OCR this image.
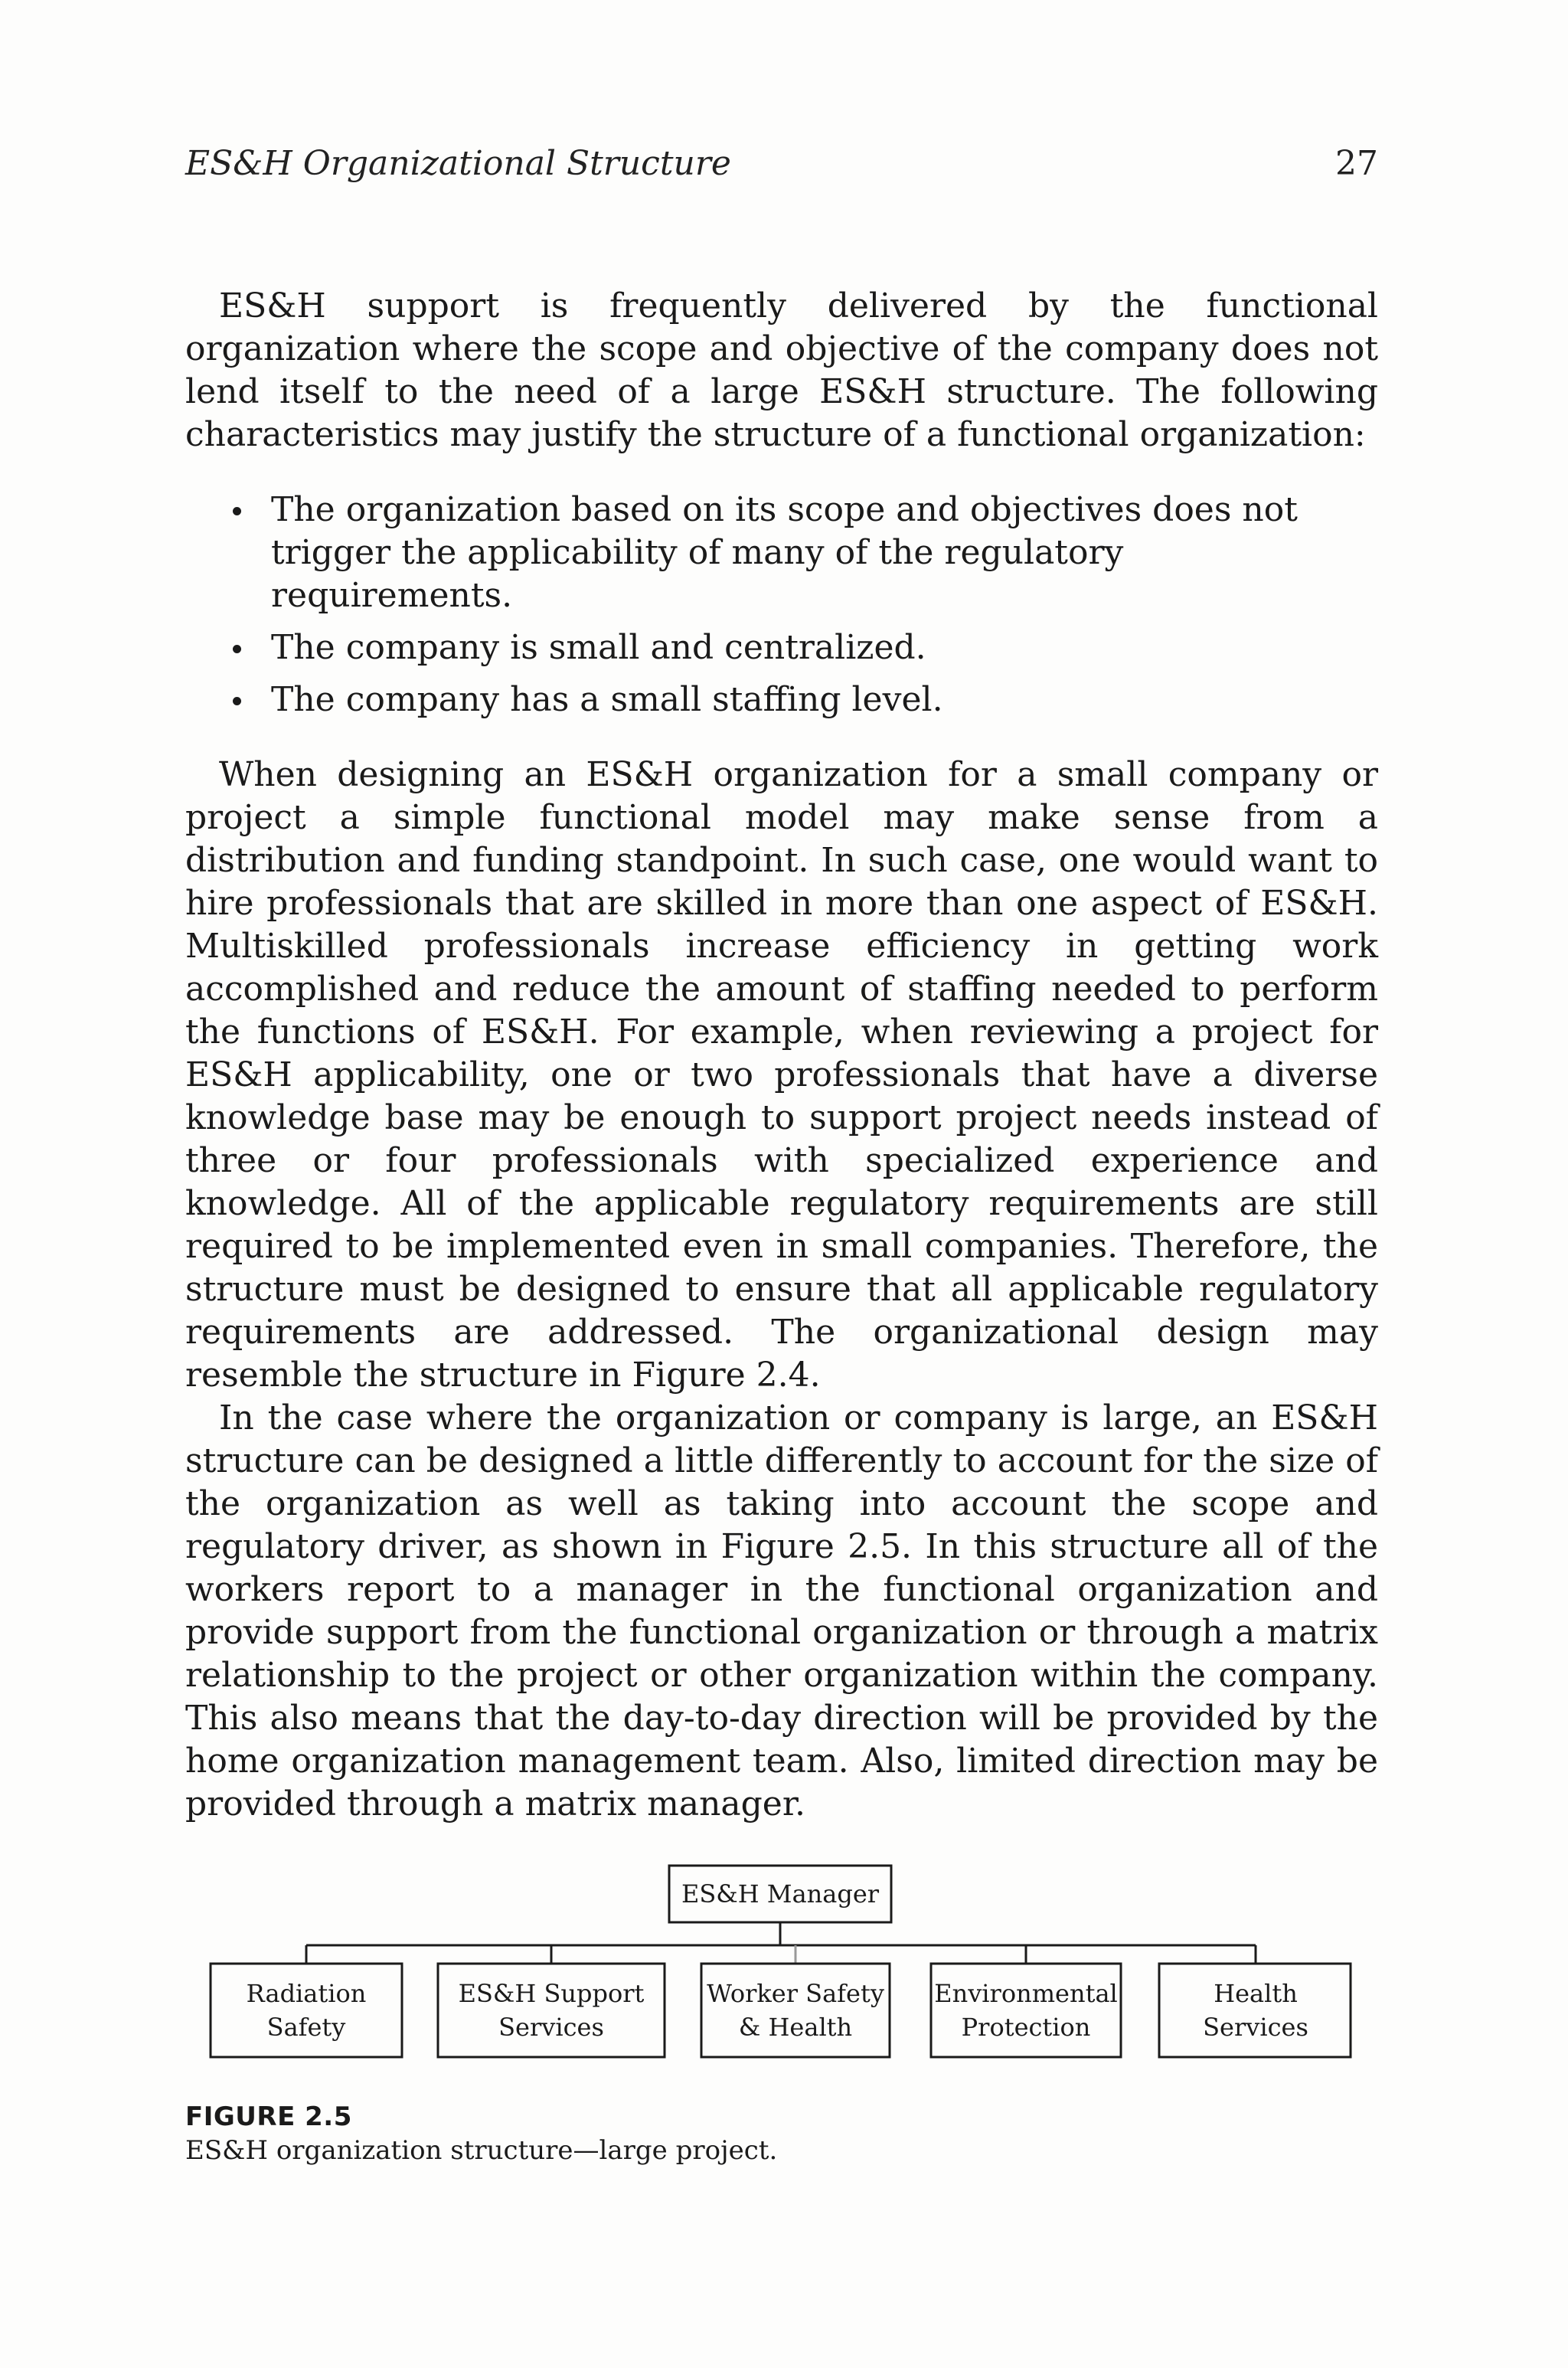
ES&H Organizational Structure	27

ES&H support is frequently delivered by the functional organization where the scope and objective of the company does not lend itself to the need of a large ES&H structure. The following characteristics may justify the structure of a functional organization:

The organization based on its scope and objectives does not trigger the applicability of many of the regulatory requirements.
The company is small and centralized.
The company has a small staffing level.

When designing an ES&H organization for a small company or project a simple functional model may make sense from a distribution and funding standpoint. In such case, one would want to hire professionals that are skilled in more than one aspect of ES&H. Multiskilled professionals increase efficiency in getting work accomplished and reduce the amount of staffing needed to perform the functions of ES&H. For example, when reviewing a project for ES&H applicability, one or two professionals that have a diverse knowledge base may be enough to support project needs instead of three or four professionals with specialized experience and knowledge. All of the applicable regulatory requirements are still required to be implemented even in small companies. Therefore, the structure must be designed to ensure that all applicable regulatory requirements are addressed. The organizational design may resemble the structure in Figure 2.4.

In the case where the organization or company is large, an ES&H structure can be designed a little differently to account for the size of the organization as well as taking into account the scope and regulatory driver, as shown in Figure 2.5. In this structure all of the workers report to a manager in the functional organization and provide support from the functional organization or through a matrix relationship to the project or other organization within the company. This also means that the day-to-day direction will be provided by the home organization management team. Also, limited direction may be provided through a matrix manager.

ES&H Manager
Radiation
Safety
ES&H Support
Services
Worker Safety
& Health
Environmental
Protection
Health
Services
FIGURE 2.5
ES&H organization structure—large project.
